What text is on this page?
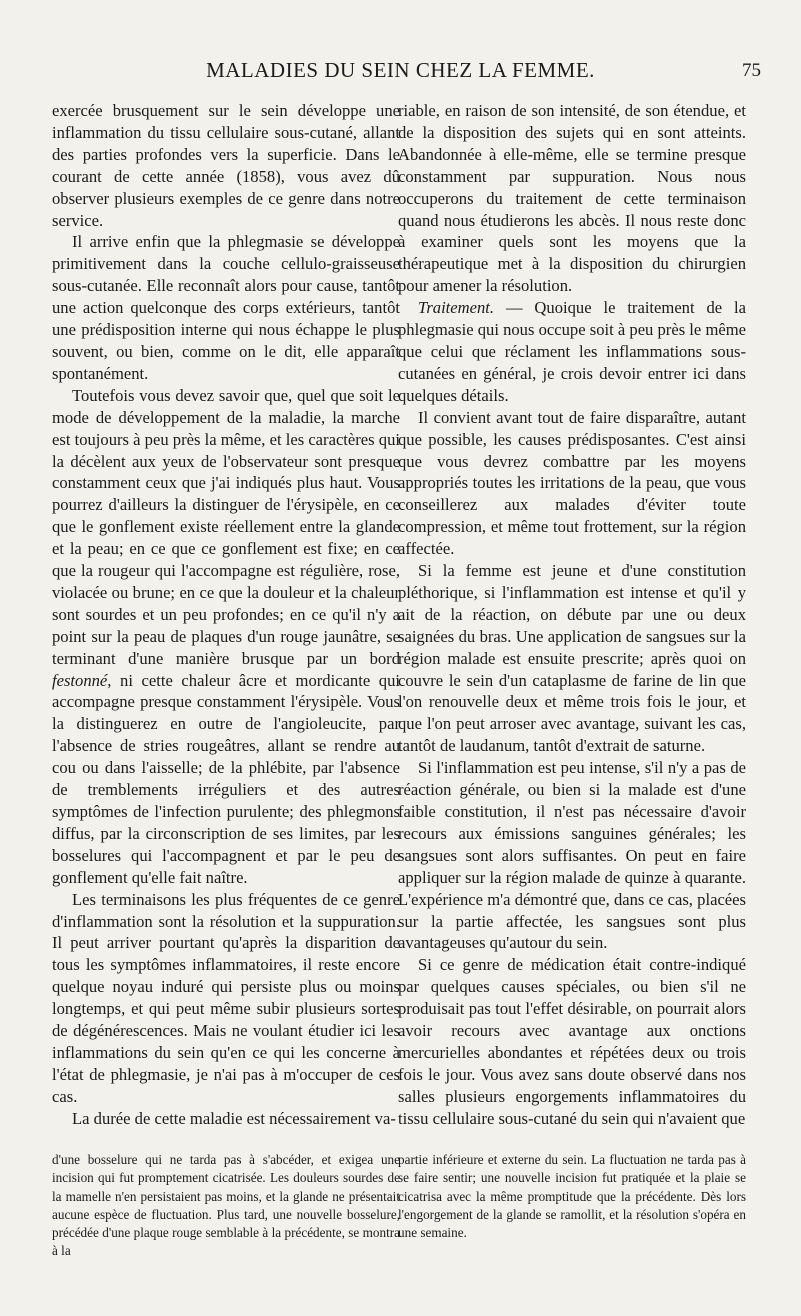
MALADIES DU SEIN CHEZ LA FEMME.	75

exercée brusquement sur le sein développe une inflammation du tissu cellulaire sous-cutané, allant des parties profondes vers la superficie. Dans le courant de cette année (1858), vous avez dû observer plusieurs exemples de ce genre dans notre service.

Il arrive enfin que la phlegmasie se développe primitivement dans la couche cellulo-graisseuse sous-cutanée. Elle reconnaît alors pour cause, tantôt une action quelconque des corps extérieurs, tantôt une prédisposition interne qui nous échappe le plus souvent, ou bien, comme on le dit, elle apparaît spontanément.

Toutefois vous devez savoir que, quel que soit le mode de développement de la maladie, la marche est toujours à peu près la même, et les caractères qui la décèlent aux yeux de l'observateur sont presque constamment ceux que j'ai indiqués plus haut. Vous pourrez d'ailleurs la distinguer de l'érysipèle, en ce que le gonflement existe réellement entre la glande et la peau; en ce que ce gonflement est fixe; en ce que la rougeur qui l'accompagne est régulière, rose, violacée ou brune; en ce que la douleur et la chaleur sont sourdes et un peu profondes; en ce qu'il n'y a point sur la peau de plaques d'un rouge jaunâtre, se terminant d'une manière brusque par un bord festonné, ni cette chaleur âcre et mordicante qui accompagne presque constamment l'érysipèle. Vous la distinguerez en outre de l'angioleucite, par l'absence de stries rougeâtres, allant se rendre au cou ou dans l'aisselle; de la phlébite, par l'absence de tremblements irréguliers et des autres symptômes de l'infection purulente; des phlegmons diffus, par la circonscription de ses limites, par les bosselures qui l'accompagnent et par le peu de gonflement qu'elle fait naître.

Les terminaisons les plus fréquentes de ce genre d'inflammation sont la résolution et la suppuration. Il peut arriver pourtant qu'après la disparition de tous les symptômes inflammatoires, il reste encore quelque noyau induré qui persiste plus ou moins longtemps, et qui peut même subir plusieurs sortes de dégénérescences. Mais ne voulant étudier ici les inflammations du sein qu'en ce qui les concerne à l'état de phlegmasie, je n'ai pas à m'occuper de ces cas.

La durée de cette maladie est nécessairement va-

riable, en raison de son intensité, de son étendue, et de la disposition des sujets qui en sont atteints. Abandonnée à elle-même, elle se termine presque constamment par suppuration. Nous nous occuperons du traitement de cette terminaison quand nous étudierons les abcès. Il nous reste donc à examiner quels sont les moyens que la thérapeutique met à la disposition du chirurgien pour amener la résolution.

Traitement. — Quoique le traitement de la phlegmasie qui nous occupe soit à peu près le même que celui que réclament les inflammations sous-cutanées en général, je crois devoir entrer ici dans quelques détails.

Il convient avant tout de faire disparaître, autant que possible, les causes prédisposantes. C'est ainsi que vous devrez combattre par les moyens appropriés toutes les irritations de la peau, que vous conseillerez aux malades d'éviter toute compression, et même tout frottement, sur la région affectée.

Si la femme est jeune et d'une constitution pléthorique, si l'inflammation est intense et qu'il y ait de la réaction, on débute par une ou deux saignées du bras. Une application de sangsues sur la région malade est ensuite prescrite; après quoi on couvre le sein d'un cataplasme de farine de lin que l'on renouvelle deux et même trois fois le jour, et que l'on peut arroser avec avantage, suivant les cas, tantôt de laudanum, tantôt d'extrait de saturne.

Si l'inflammation est peu intense, s'il n'y a pas de réaction générale, ou bien si la malade est d'une faible constitution, il n'est pas nécessaire d'avoir recours aux émissions sanguines générales; les sangsues sont alors suffisantes. On peut en faire appliquer sur la région malade de quinze à quarante. L'expérience m'a démontré que, dans ce cas, placées sur la partie affectée, les sangsues sont plus avantageuses qu'autour du sein.

Si ce genre de médication était contre-indiqué par quelques causes spéciales, ou bien s'il ne produisait pas tout l'effet désirable, on pourrait alors avoir recours avec avantage aux onctions mercurielles abondantes et répétées deux ou trois fois le jour. Vous avez sans doute observé dans nos salles plusieurs engorgements inflammatoires du tissu cellulaire sous-cutané du sein qui n'avaient que

d'une bosselure qui ne tarda pas à s'abcéder, et exigea une incision qui fut promptement cicatrisée. Les douleurs sourdes de la mamelle n'en persistaient pas moins, et la glande ne présentait aucune espèce de fluctuation. Plus tard, une nouvelle bosselure, précédée d'une plaque rouge semblable à la précédente, se montra à la

partie inférieure et externe du sein. La fluctuation ne tarda pas à se faire sentir; une nouvelle incision fut pratiquée et la plaie se cicatrisa avec la même promptitude que la précédente. Dès lors l'engorgement de la glande se ramollit, et la résolution s'opéra en une semaine.
